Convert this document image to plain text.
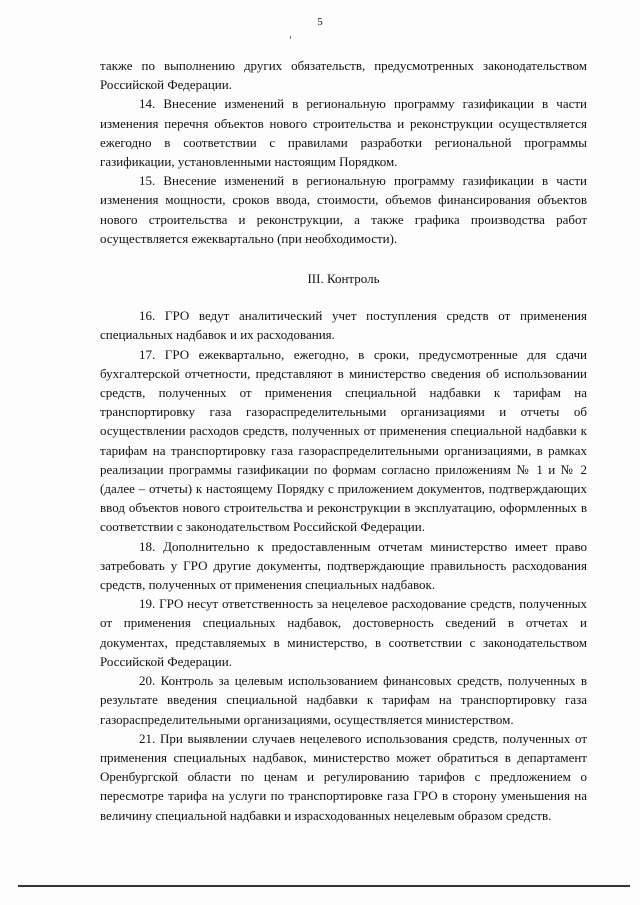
5

также по выполнению других обязательств, предусмотренных законодательством Российской Федерации.

14. Внесение изменений в региональную программу газификации в части изменения перечня объектов нового строительства и реконструкции осуществляется ежегодно в соответствии с правилами разработки региональной программы газификации, установленными настоящим Порядком.

15. Внесение изменений в региональную программу газификации в части изменения мощности, сроков ввода, стоимости, объемов финансирования объектов нового строительства и реконструкции, а также графика производства работ осуществляется ежеквартально (при необходимости).

III. Контроль

16. ГРО ведут аналитический учет поступления средств от применения специальных надбавок и их расходования.

17. ГРО ежеквартально, ежегодно, в сроки, предусмотренные для сдачи бухгалтерской отчетности, представляют в министерство сведения об использовании средств, полученных от применения специальной надбавки к тарифам на транспортировку газа газораспределительными организациями и отчеты об осуществлении расходов средств, полученных от применения специальной надбавки к тарифам на транспортировку газа газораспределительными организациями, в рамках реализации программы газификации по формам согласно приложениям № 1 и № 2 (далее – отчеты) к настоящему Порядку с приложением документов, подтверждающих ввод объектов нового строительства и реконструкции в эксплуатацию, оформленных в соответствии с законодательством Российской Федерации.

18. Дополнительно к предоставленным отчетам министерство имеет право затребовать у ГРО другие документы, подтверждающие правильность расходования средств, полученных от применения специальных надбавок.

19. ГРО несут ответственность за нецелевое расходование средств, полученных от применения специальных надбавок, достоверность сведений в отчетах и документах, представляемых в министерство, в соответствии с законодательством Российской Федерации.

20. Контроль за целевым использованием финансовых средств, полученных в результате введения специальной надбавки к тарифам на транспортировку газа газораспределительными организациями, осуществляется министерством.

21. При выявлении случаев нецелевого использования средств, полученных от применения специальных надбавок, министерство может обратиться в департамент Оренбургской области по ценам и регулированию тарифов с предложением о пересмотре тарифа на услуги по транспортировке газа ГРО в сторону уменьшения на величину специальной надбавки и израсходованных нецелевым образом средств.
